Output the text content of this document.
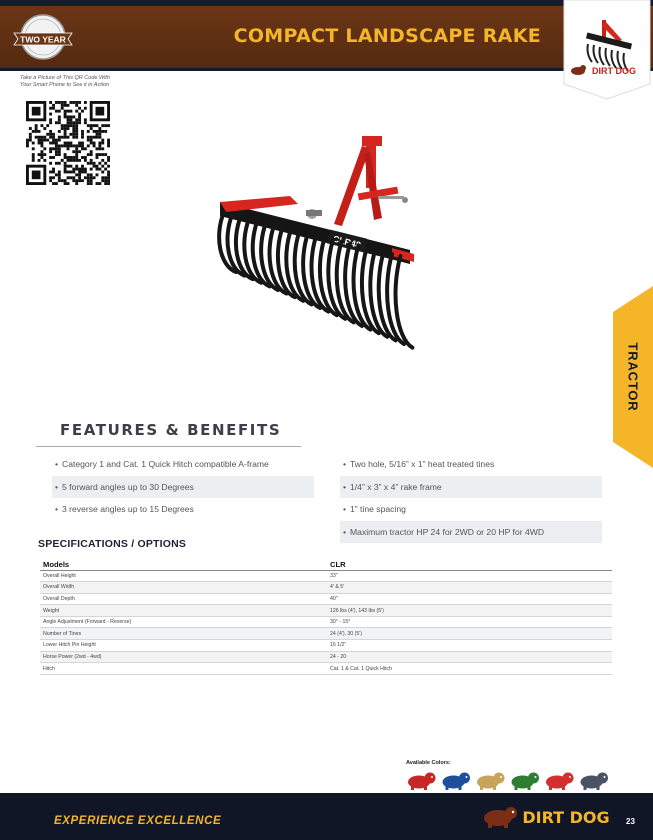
TWO YEAR	COMPACT LANDSCAPE RAKE
DIRT DOG
Take a Picture of This QR Code With
Your Smart Phone to See it in Action
CLR48
TRACTOR
FEATURES & BENEFITS
• Category 1 and Cat. 1 Quick Hitch compatible A-frame
• 5 forward angles up to 30 Degrees
• 3 reverse angles up to 15 Degrees
• Two hole, 5/16” x 1” heat treated tines
• 1/4” x 3” x 4” rake frame
• 1” tine spacing
• Maximum tractor HP 24 for 2WD or 20 HP for 4WD
SPECIFICATIONS / OPTIONS
Models	CLR
Overall Height	33"
Overall Width	4' & 5'
Overall Depth	40"
Weight	126 lbs (4'), 143 lbs (5')
Angle Adjustment (Forward - Reverse)	30° - 15°
Number of Tines	24 (4'), 30 (5')
Lower Hitch Pin Height	16 1/2"
Horse Power (2wd - 4wd)	24 - 20
Hitch	Cat. 1 & Cat. 1 Quick Hitch
Available Colors:
EXPERIENCE EXCELLENCE	DIRT DOG 23
